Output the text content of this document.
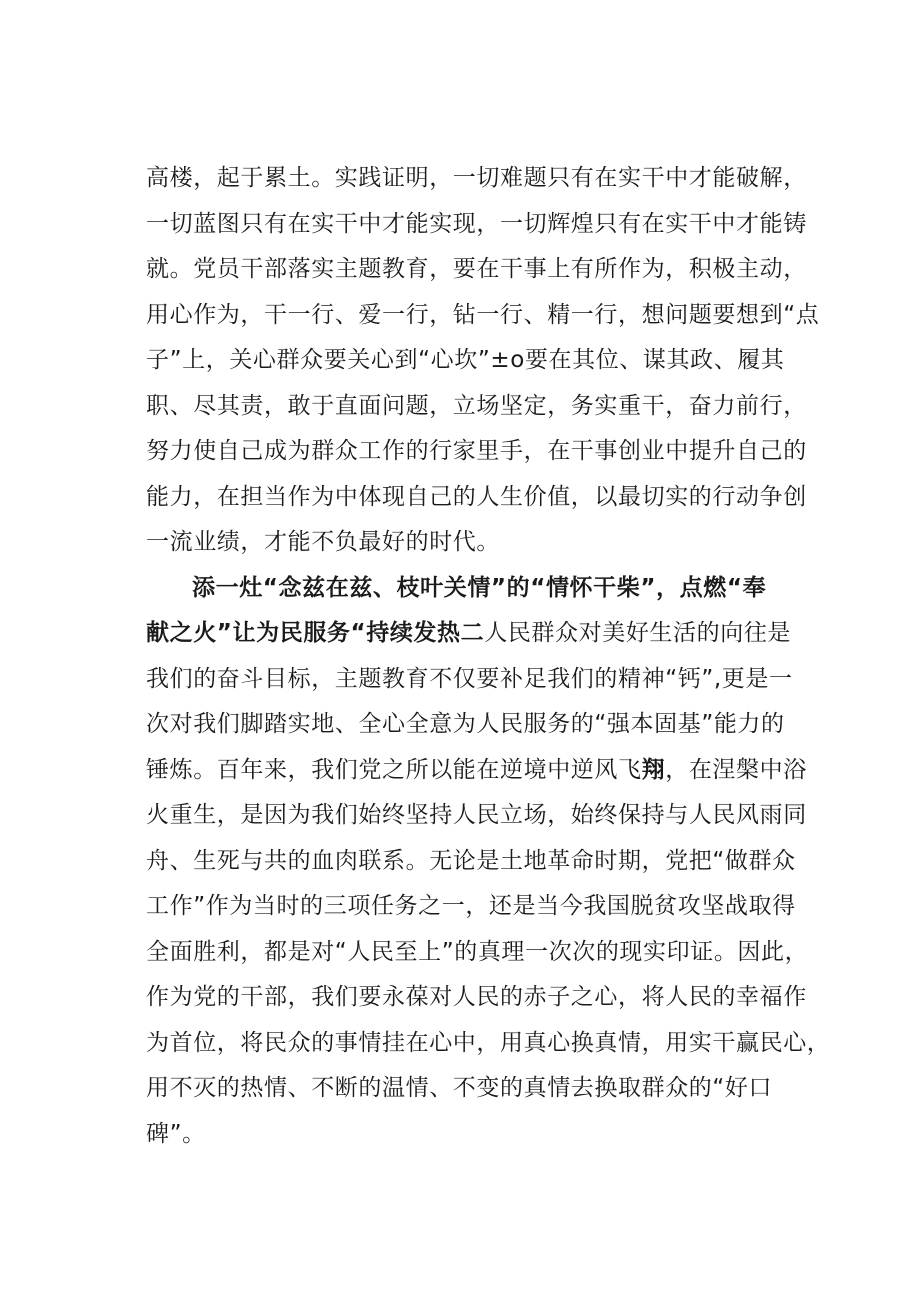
高楼，起于累土。实践证明，一切难题只有在实干中才能破解，
一切蓝图只有在实干中才能实现，一切辉煌只有在实干中才能铸
就。党员干部落实主题教育，要在干事上有所作为，积极主动，
用心作为，干一行、爱一行，钻一行、精一行，想问题要想到“点
子”上，关心群众要关心到“心坎”±o要在其位、谋其政、履其
职、尽其责，敢于直面问题，立场坚定，务实重干，奋力前行，
努力使自己成为群众工作的行家里手，在干事创业中提升自己的
能力，在担当作为中体现自己的人生价值，以最切实的行动争创
一流业绩，才能不负最好的时代。
添一灶“念兹在兹、枝叶关情”的“情怀干柴”，点燃“奉
献之火”让为民服务“持续发热二人民群众对美好生活的向往是
我们的奋斗目标，主题教育不仅要补足我们的精神“钙”,更是一
次对我们脚踏实地、全心全意为人民服务的“强本固基”能力的
锤炼。百年来，我们党之所以能在逆境中逆风飞翔，在涅槃中浴
火重生，是因为我们始终坚持人民立场，始终保持与人民风雨同
舟、生死与共的血肉联系。无论是土地革命时期，党把“做群众
工作”作为当时的三项任务之一，还是当今我国脱贫攻坚战取得
全面胜利，都是对“人民至上”的真理一次次的现实印证。因此，
作为党的干部，我们要永葆对人民的赤子之心，将人民的幸福作
为首位，将民众的事情挂在心中，用真心换真情，用实干赢民心，
用不灭的热情、不断的温情、不变的真情去换取群众的“好口
碑”。
